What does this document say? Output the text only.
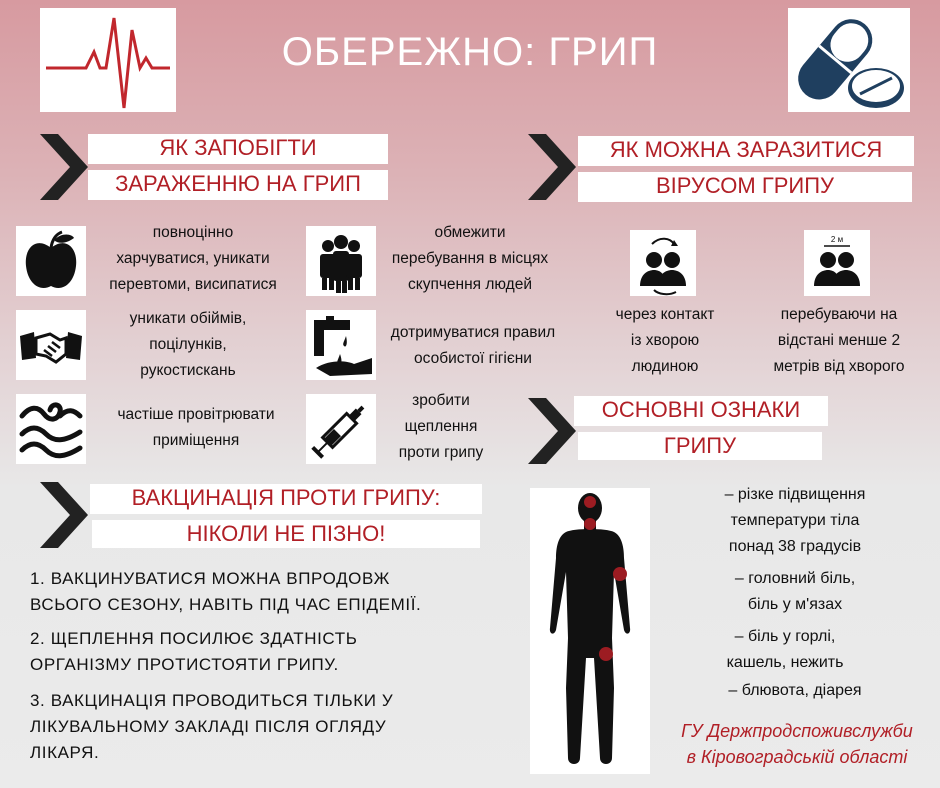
ОБЕРЕЖНО: ГРИП
ЯК ЗАПОБІГТИ
ЗАРАЖЕННЮ НА ГРИП
ЯК МОЖНА ЗАРАЗИТИСЯ
ВІРУСОМ ГРИПУ
повноцінно
харчуватися, уникати
перевтоми, висипатися
обмежити
перебування в місцях
скупчення людей
уникати обіймів,
поцілунків,
рукостискань
дотримуватися правил
особистої гігієни
частіше провітрювати
приміщення
зробити
щеплення
проти грипу
через контакт
із хворою
людиною
2 м
перебуваючи на
відстані менше 2
метрів від хворого
ОСНОВНІ ОЗНАКИ
ГРИПУ
ВАКЦИНАЦІЯ ПРОТИ ГРИПУ:
НІКОЛИ НЕ ПІЗНО!
1. ВАКЦИНУВАТИСЯ МОЖНА ВПРОДОВЖ
ВСЬОГО СЕЗОНУ, НАВІТЬ ПІД ЧАС ЕПІДЕМІЇ.
2. ЩЕПЛЕННЯ ПОСИЛЮЄ ЗДАТНІСТЬ
ОРГАНІЗМУ ПРОТИСТОЯТИ ГРИПУ.
3. ВАКЦИНАЦІЯ ПРОВОДИТЬСЯ ТІЛЬКИ У
ЛІКУВАЛЬНОМУ ЗАКЛАДІ ПІСЛЯ ОГЛЯДУ
ЛІКАРЯ.
– різке підвищення
температури тіла
понад 38 градусів
– головний біль,
біль у м'язах
– біль у горлі,
кашель, нежить
– блювота, діарея
ГУ Держпродспоживслужби
в Кіровоградській області
